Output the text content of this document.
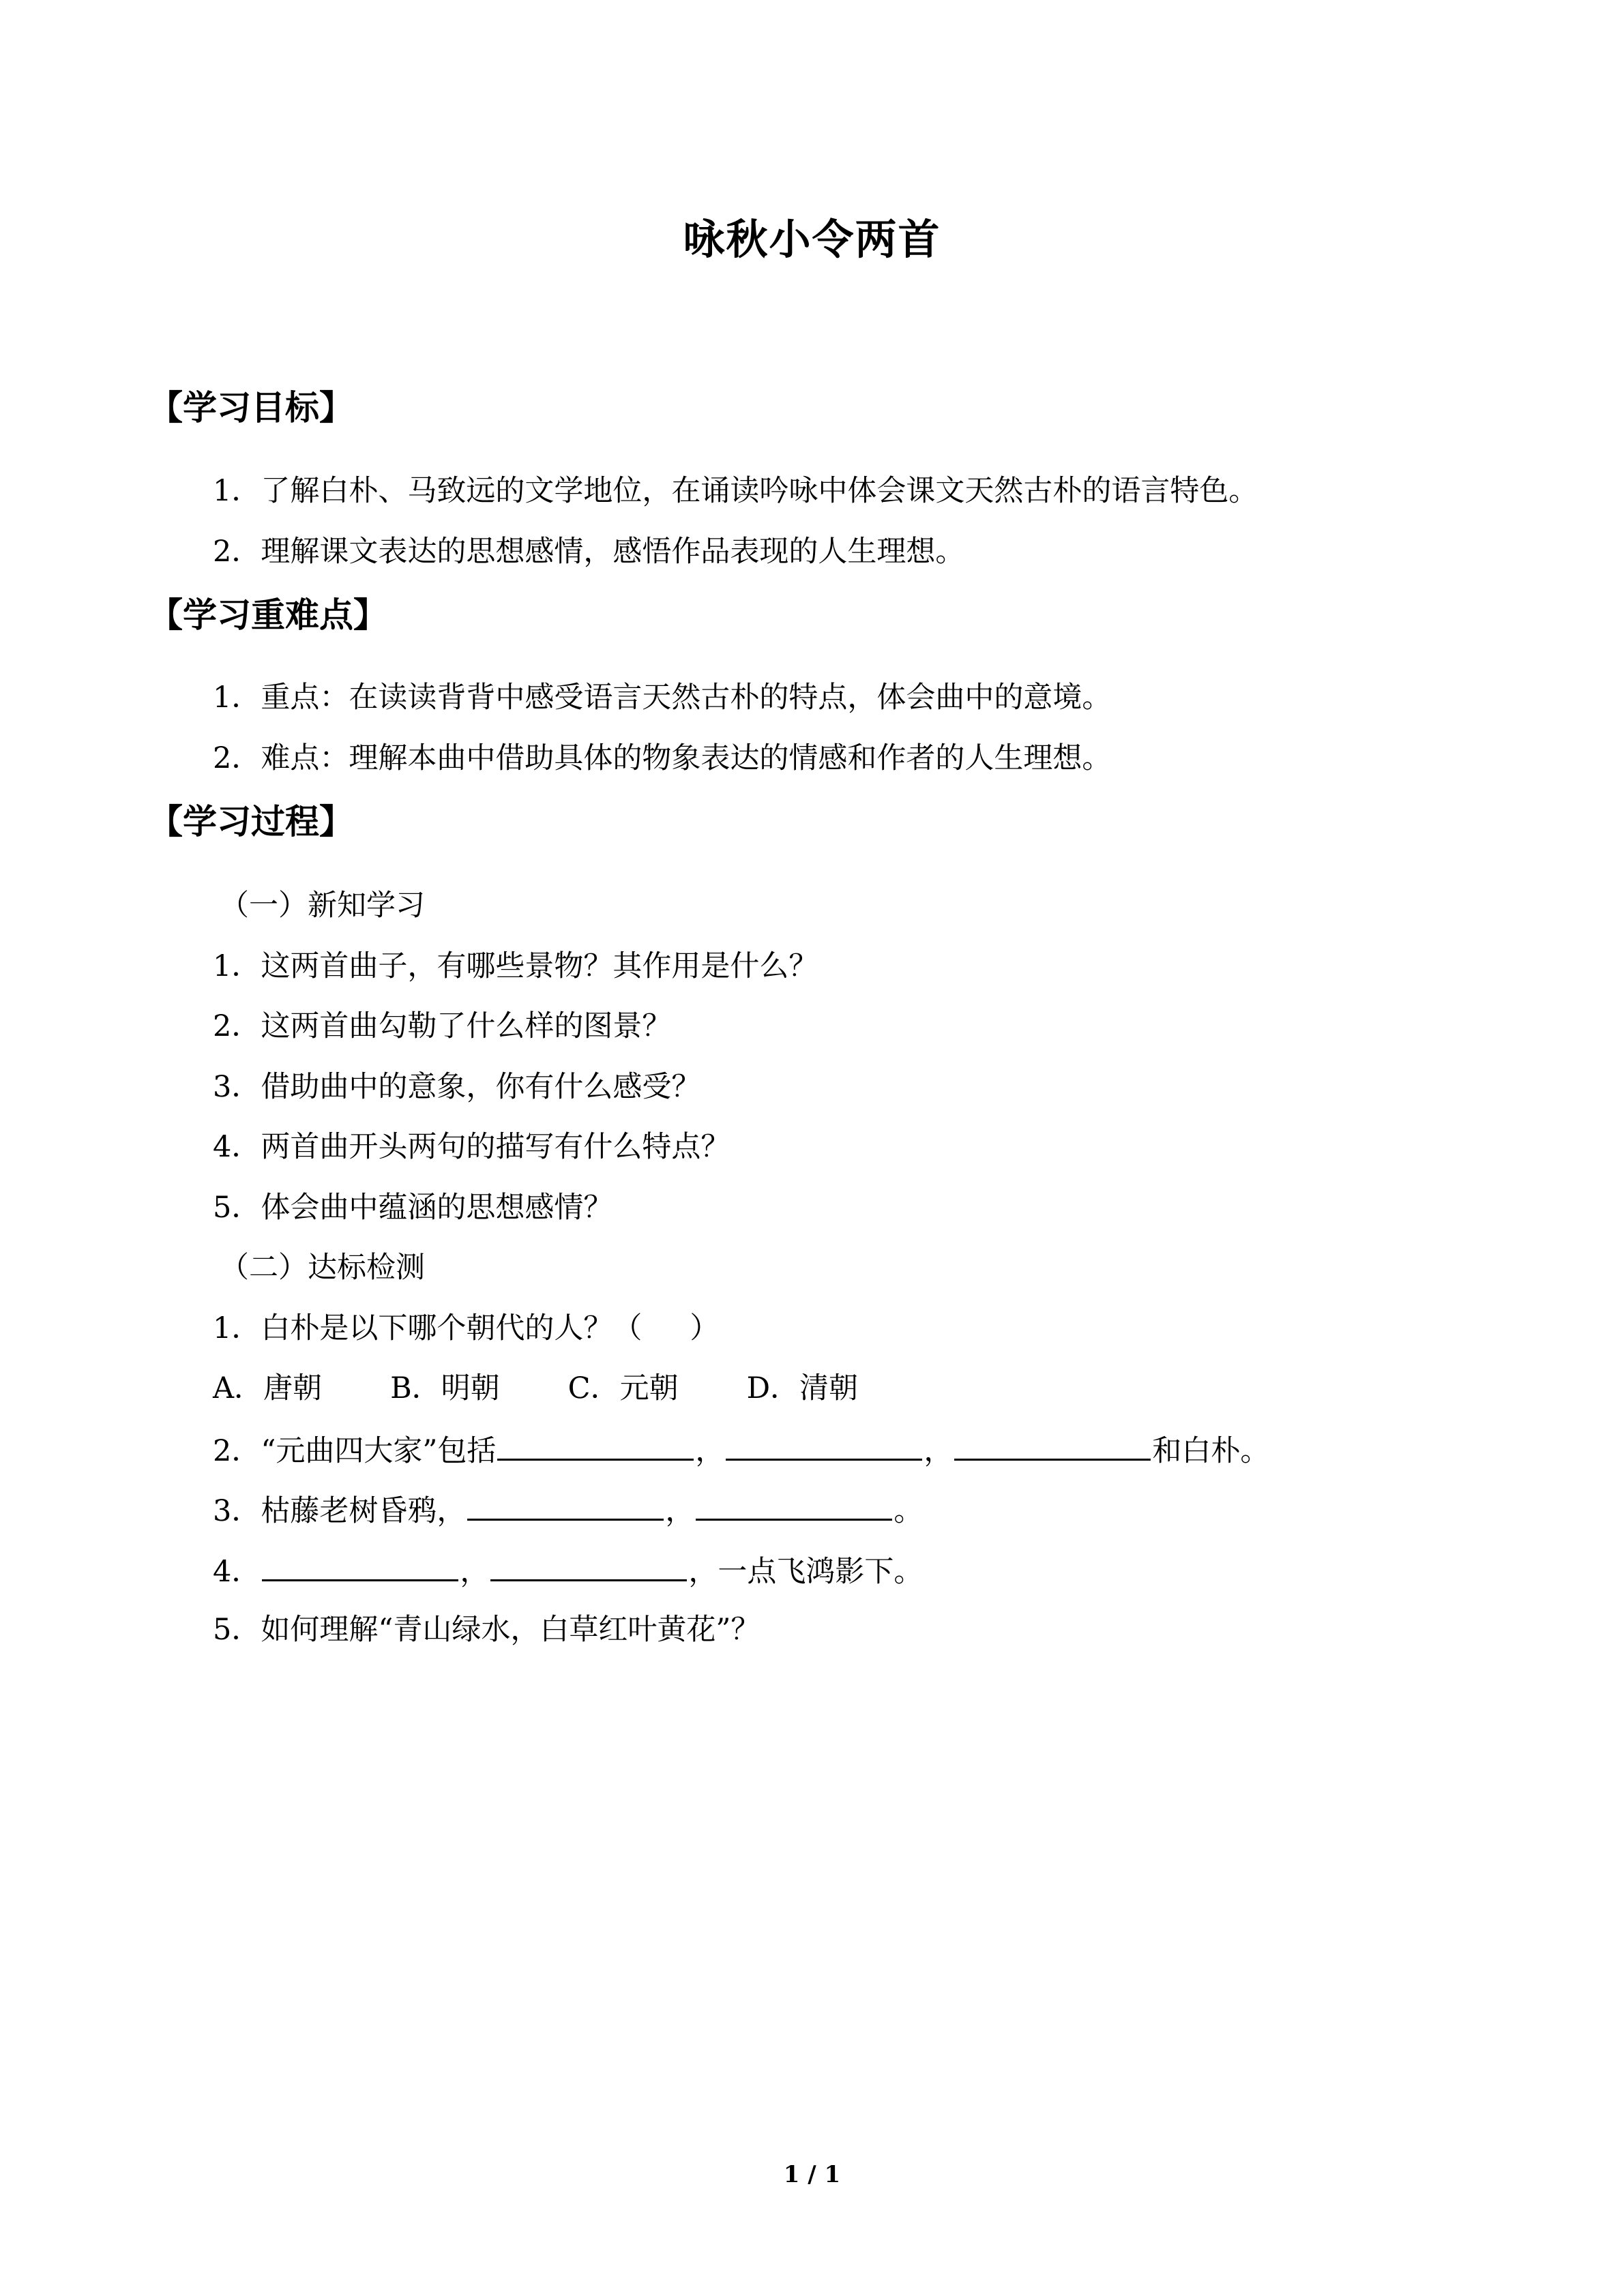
咏秋小令两首
【学习目标】
1．了解白朴、马致远的文学地位，在诵读吟咏中体会课文天然古朴的语言特色。
2．理解课文表达的思想感情，感悟作品表现的人生理想。
【学习重难点】
1．重点：在读读背背中感受语言天然古朴的特点，体会曲中的意境。
2．难点：理解本曲中借助具体的物象表达的情感和作者的人生理想。
【学习过程】
（一）新知学习
1．这两首曲子，有哪些景物？其作用是什么？
2．这两首曲勾勒了什么样的图景？
3．借助曲中的意象，你有什么感受？
4．两首曲开头两句的描写有什么特点？
5．体会曲中蕴涵的思想感情？
（二）达标检测
1．白朴是以下哪个朝代的人？（ ）
A．唐朝 B．明朝 C．元朝 D．清朝
2．“元曲四大家”包括	，	，	和白朴。
3．枯藤老树昏鸦，	，	。
4．	，	，一点飞鸿影下。
5．如何理解“青山绿水，白草红叶黄花”？
1 / 1
